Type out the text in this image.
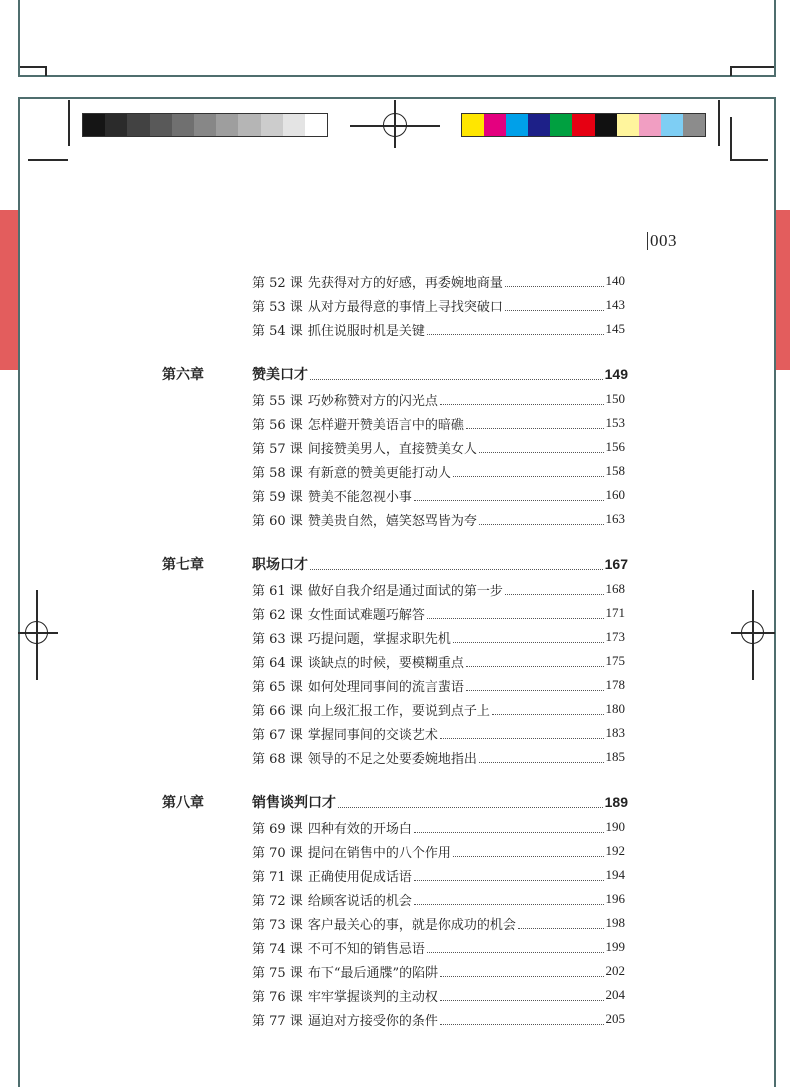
003
第 52 课 先获得对方的好感，再委婉地商量	140
第 53 课 从对方最得意的事情上寻找突破口	143
第 54 课 抓住说服时机是关键	145
第六章	赞美口才	149
第 55 课 巧妙称赞对方的闪光点	150
第 56 课 怎样避开赞美语言中的暗礁	153
第 57 课 间接赞美男人，直接赞美女人	156
第 58 课 有新意的赞美更能打动人	158
第 59 课 赞美不能忽视小事	160
第 60 课 赞美贵自然，嬉笑怒骂皆为夸	163
第七章	职场口才	167
第 61 课 做好自我介绍是通过面试的第一步	168
第 62 课 女性面试难题巧解答	171
第 63 课 巧提问题，掌握求职先机	173
第 64 课 谈缺点的时候，要模糊重点	175
第 65 课 如何处理同事间的流言蜚语	178
第 66 课 向上级汇报工作，要说到点子上	180
第 67 课 掌握同事间的交谈艺术	183
第 68 课 领导的不足之处要委婉地指出	185
第八章	销售谈判口才	189
第 69 课 四种有效的开场白	190
第 70 课 提问在销售中的八个作用	192
第 71 课 正确使用促成话语	194
第 72 课 给顾客说话的机会	196
第 73 课 客户最关心的事，就是你成功的机会	198
第 74 课 不可不知的销售忌语	199
第 75 课 布下“最后通牒”的陷阱	202
第 76 课 牢牢掌握谈判的主动权	204
第 77 课 逼迫对方接受你的条件	205
